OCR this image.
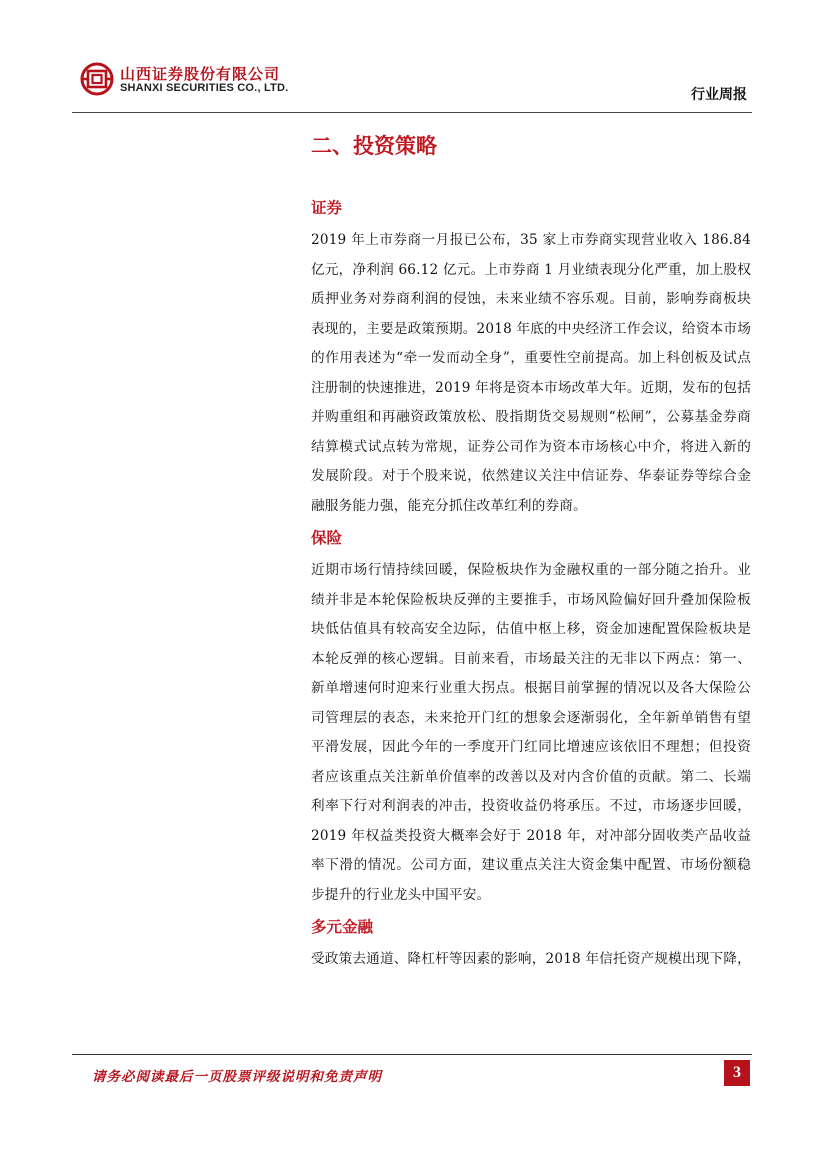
山西证券股份有限公司
SHANXI SECURITIES CO., LTD.	行业周报
二、投资策略
证券

2019 年上市券商一月报已公布，35 家上市券商实现营业收入 186.84 亿元，净利润 66.12 亿元。上市券商 1 月业绩表现分化严重，加上股权质押业务对券商利润的侵蚀，未来业绩不容乐观。目前，影响券商板块表现的，主要是政策预期。2018 年底的中央经济工作会议，给资本市场的作用表述为“牵一发而动全身”，重要性空前提高。加上科创板及试点注册制的快速推进，2019 年将是资本市场改革大年。近期，发布的包括并购重组和再融资政策放松、股指期货交易规则“松闸”，公募基金券商结算模式试点转为常规，证券公司作为资本市场核心中介，将进入新的发展阶段。对于个股来说，依然建议关注中信证券、华泰证券等综合金融服务能力强，能充分抓住改革红利的券商。

保险

近期市场行情持续回暖，保险板块作为金融权重的一部分随之抬升。业绩并非是本轮保险板块反弹的主要推手，市场风险偏好回升叠加保险板块低估值具有较高安全边际，估值中枢上移，资金加速配置保险板块是本轮反弹的核心逻辑。目前来看，市场最关注的无非以下两点：第一、新单增速何时迎来行业重大拐点。根据目前掌握的情况以及各大保险公司管理层的表态，未来抢开门红的想象会逐渐弱化，全年新单销售有望平滑发展，因此今年的一季度开门红同比增速应该依旧不理想；但投资者应该重点关注新单价值率的改善以及对内含价值的贡献。第二、长端利率下行对利润表的冲击，投资收益仍将承压。不过，市场逐步回暖，2019 年权益类投资大概率会好于 2018 年，对冲部分固收类产品收益率下滑的情况。公司方面，建议重点关注大资金集中配置、市场份额稳步提升的行业龙头中国平安。

多元金融

受政策去通道、降杠杆等因素的影响，2018 年信托资产规模出现下降，

请务必阅读最后一页股票评级说明和免责声明	3
